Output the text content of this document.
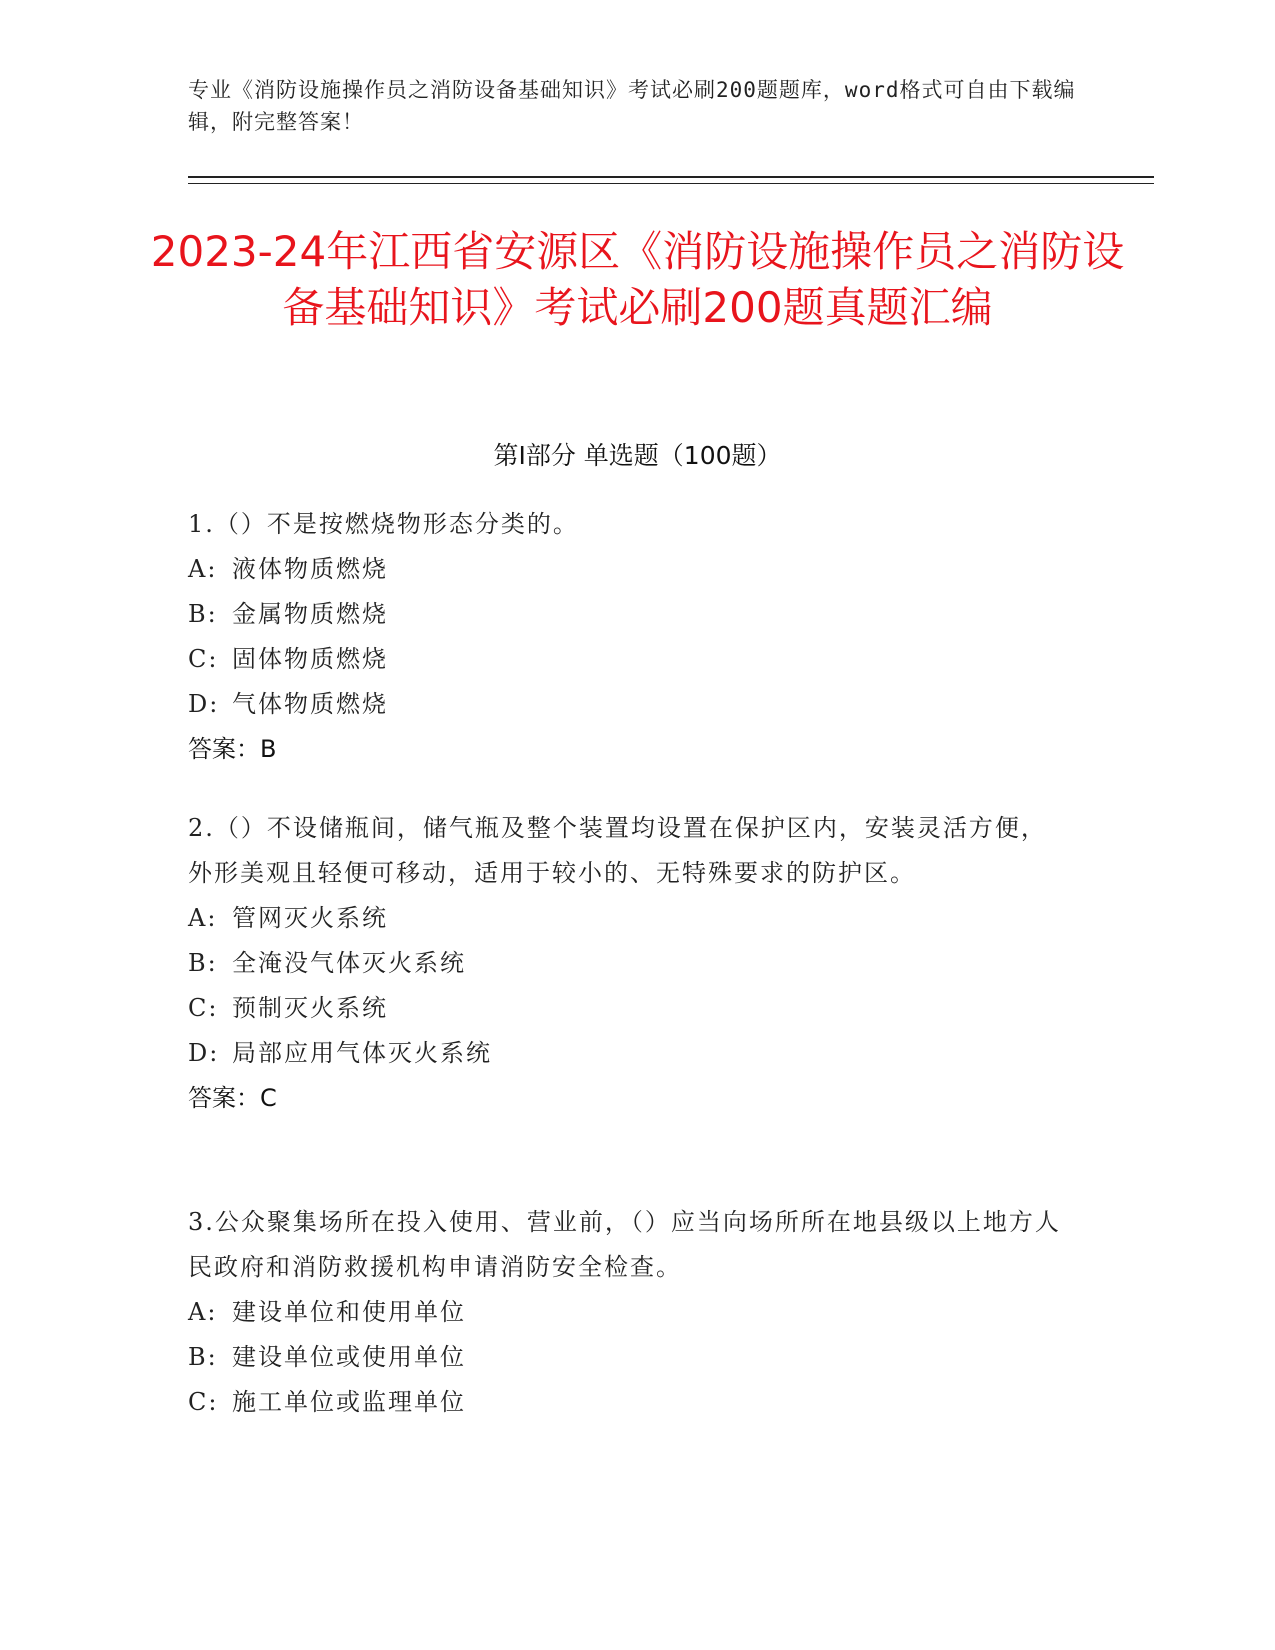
专业《消防设施操作员之消防设备基础知识》考试必刷200题题库，word格式可自由下载编辑，附完整答案！
2023-24年江西省安源区《消防设施操作员之消防设备基础知识》考试必刷200题真题汇编
第Ⅰ部分 单选题（100题）

1.（）不是按燃烧物形态分类的。

A: 液体物质燃烧
B: 金属物质燃烧
C: 固体物质燃烧
D: 气体物质燃烧
答案：B

2.（）不设储瓶间，储气瓶及整个装置均设置在保护区内，安装灵活方便，外形美观且轻便可移动，适用于较小的、无特殊要求的防护区。

A: 管网灭火系统
B: 全淹没气体灭火系统
C: 预制灭火系统
D: 局部应用气体灭火系统
答案：C

3.公众聚集场所在投入使用、营业前，（）应当向场所所在地县级以上地方人民政府和消防救援机构申请消防安全检查。

A: 建设单位和使用单位
B: 建设单位或使用单位
C: 施工单位或监理单位
